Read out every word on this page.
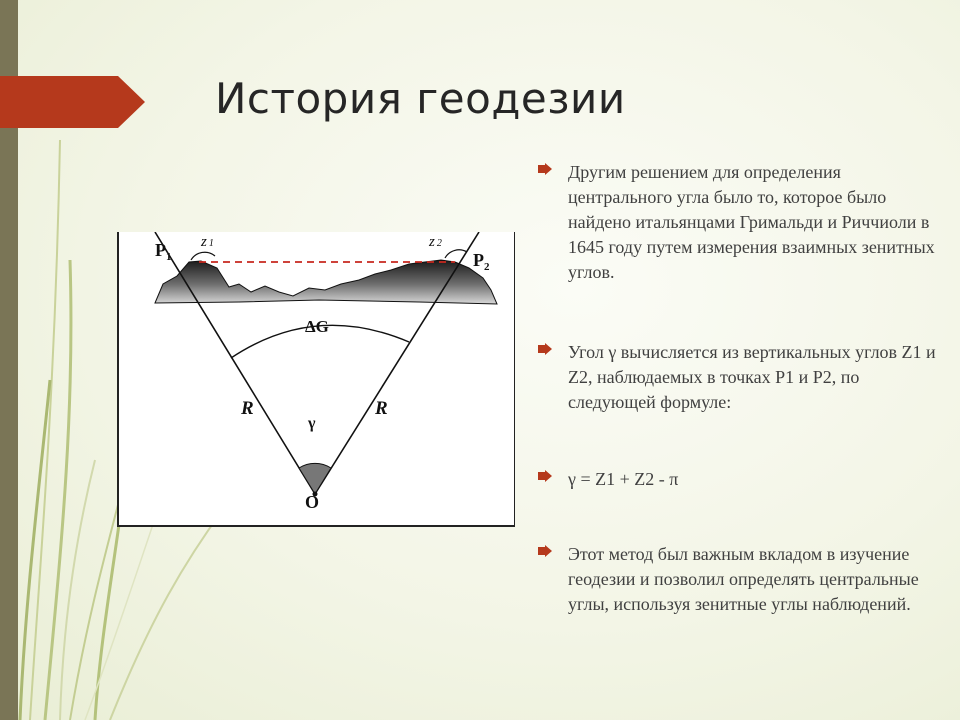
История геодезии
$P_1$	$P_2$
z 1	z 2
ΔG
R	R
γ
O
Другим решением для определения центрального угла было то, которое было найдено итальянцами Гримальди и Риччиоли в 1645 году путем измерения взаимных зенитных углов.
Угол γ вычисляется из вертикальных углов Z1 и Z2, наблюдаемых в точках P1 и P2, по следующей формуле:
γ = Z1 + Z2 - π
Этот метод был важным вкладом в изучение геодезии и позволил определять центральные углы, используя зенитные углы наблюдений.
